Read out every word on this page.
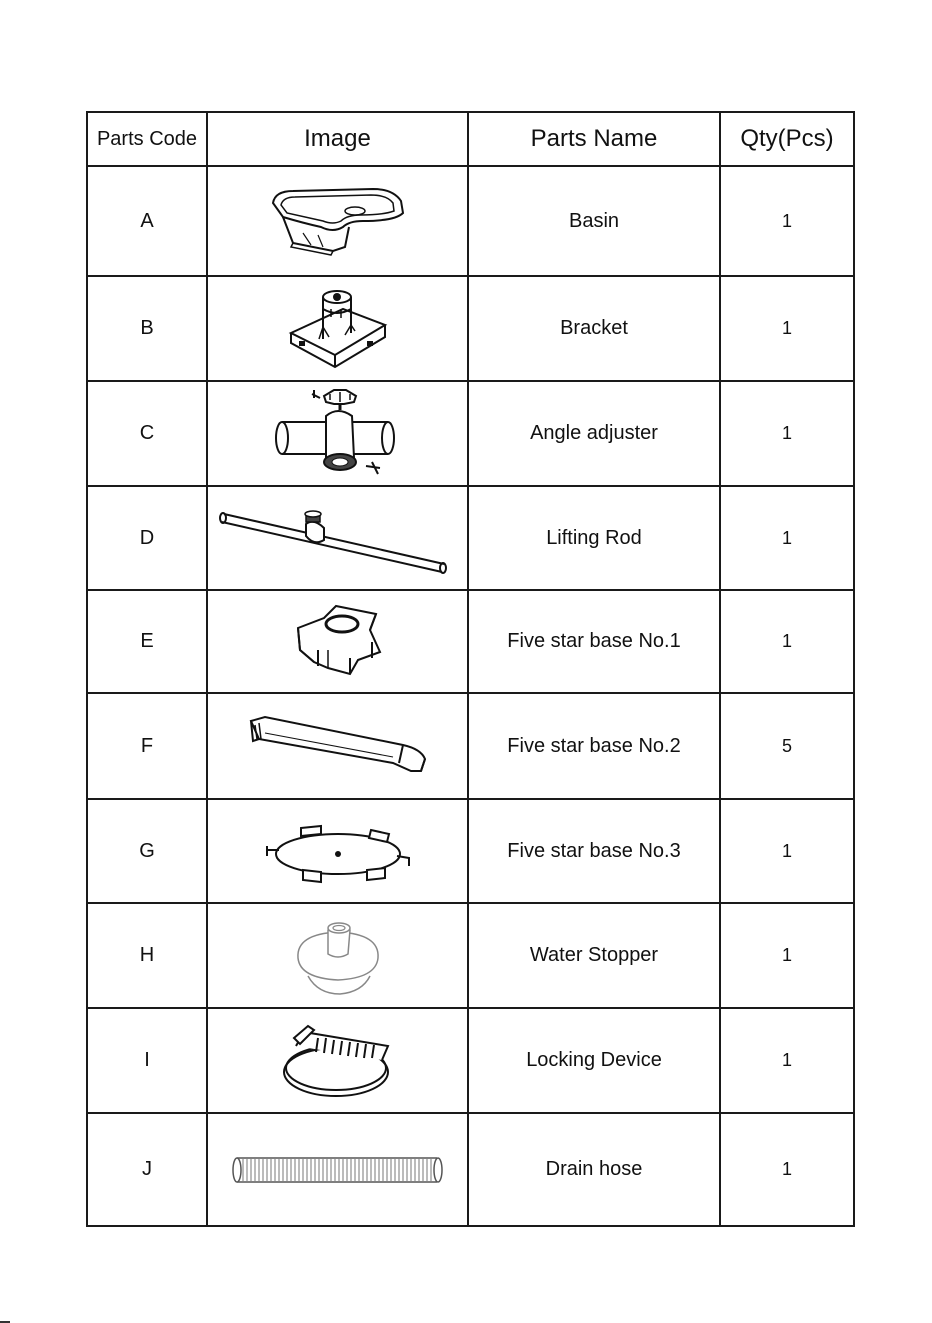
Parts Code	Image	Parts Name	Qty(Pcs)
A		Basin	1
B		Bracket	1
C		Angle adjuster	1
D		Lifting Rod	1
E		Five star base No.1	1
F		Five star base No.2	5
G		Five star base No.3	1
H		Water Stopper	1
I		Locking Device	1
J		Drain hose	1
